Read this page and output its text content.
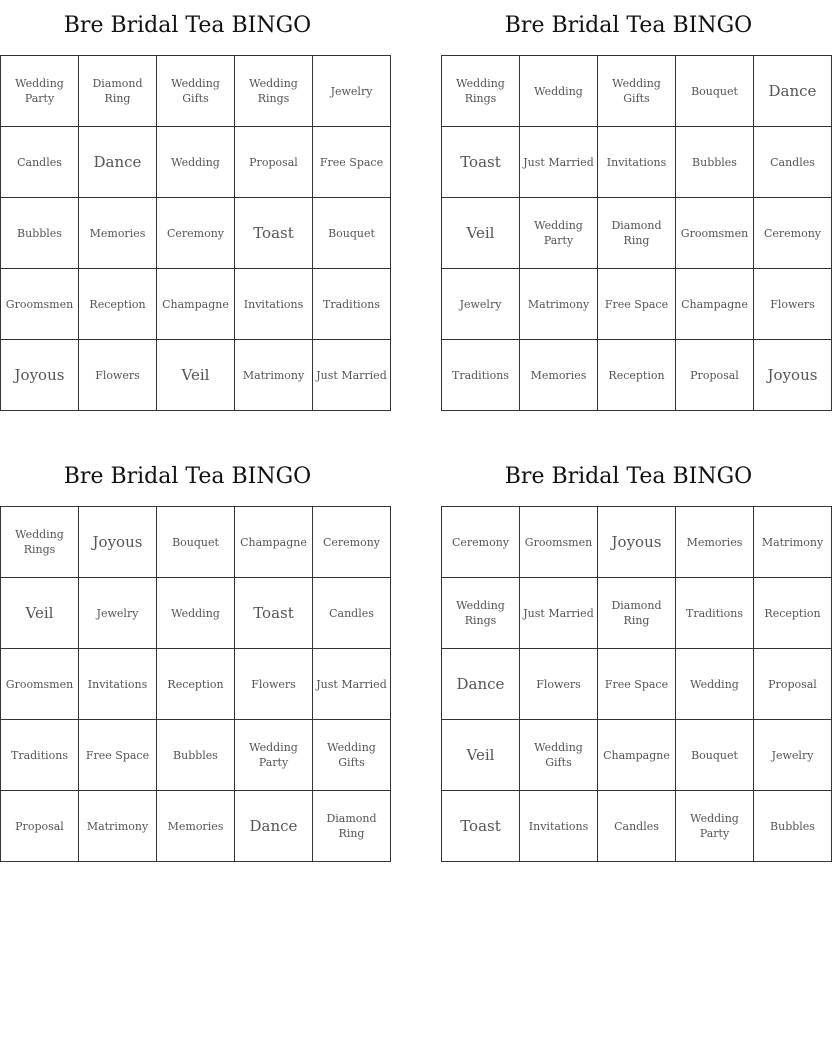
Bre Bridal Tea BINGO
Wedding Party	Diamond Ring	Wedding Gifts	Wedding Rings	Jewelry
Candles	Dance	Wedding	Proposal	Free Space
Bubbles	Memories	Ceremony	Toast	Bouquet
Groomsmen	Reception	Champagne	Invitations	Traditions
Joyous	Flowers	Veil	Matrimony	Just Married
Bre Bridal Tea BINGO
Wedding Rings	Wedding	Wedding Gifts	Bouquet	Dance
Toast	Just Married	Invitations	Bubbles	Candles
Veil	Wedding Party	Diamond Ring	Groomsmen	Ceremony
Jewelry	Matrimony	Free Space	Champagne	Flowers
Traditions	Memories	Reception	Proposal	Joyous
Bre Bridal Tea BINGO
Wedding Rings	Joyous	Bouquet	Champagne	Ceremony
Veil	Jewelry	Wedding	Toast	Candles
Groomsmen	Invitations	Reception	Flowers	Just Married
Traditions	Free Space	Bubbles	Wedding Party	Wedding Gifts
Proposal	Matrimony	Memories	Dance	Diamond Ring
Bre Bridal Tea BINGO
Ceremony	Groomsmen	Joyous	Memories	Matrimony
Wedding Rings	Just Married	Diamond Ring	Traditions	Reception
Dance	Flowers	Free Space	Wedding	Proposal
Veil	Wedding Gifts	Champagne	Bouquet	Jewelry
Toast	Invitations	Candles	Wedding Party	Bubbles
